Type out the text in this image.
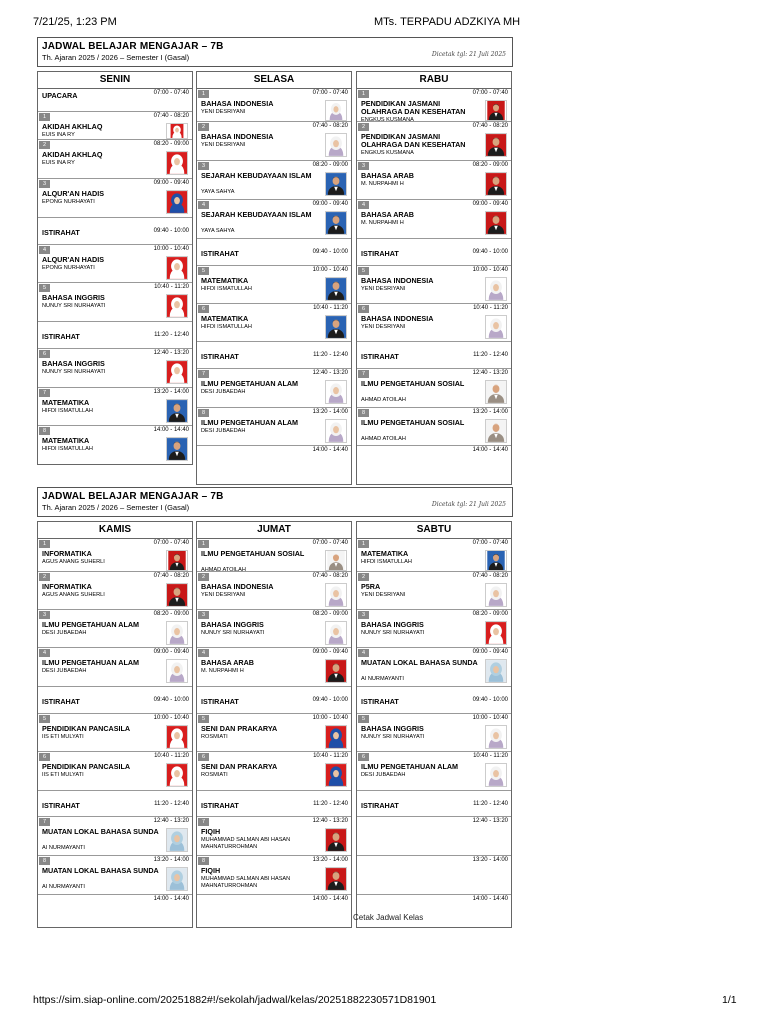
7/21/25, 1:23 PM	MTs. TERPADU ADZKIYA MH
JADWAL BELAJAR MENGAJAR – 7B
Th. Ajaran 2025 / 2026 – Semester I (Gasal)	Dicetak tgl: 21 Juli 2025
SENIN
07:00 - 07:40
UPACARA
1	07:40 - 08:20
AKIDAH AKHLAQ
EUIS INA RY
2	08:20 - 09:00
AKIDAH AKHLAQ
EUIS INA RY
3	09:00 - 09:40
ALQUR'AN HADIS
EPONG NURHAYATI
ISTIRAHAT	09:40 - 10:00
4	10:00 - 10:40
ALQUR'AN HADIS
EPONG NURHAYATI
5	10:40 - 11:20
BAHASA INGGRIS
NUNUY SRI NURHAYATI
ISTIRAHAT	11:20 - 12:40
6	12:40 - 13:20
BAHASA INGGRIS
NUNUY SRI NURHAYATI
7	13:20 - 14:00
MATEMATIKA
HIFDI ISMATULLAH
8	14:00 - 14:40
MATEMATIKA
HIFDI ISMATULLAH
SELASA
1	07:00 - 07:40
BAHASA INDONESIA
YENI DESRIYANI
2	07:40 - 08:20
BAHASA INDONESIA
YENI DESRIYANI
3	08:20 - 09:00
SEJARAH KEBUDAYAAN ISLAM
YAYA SAHYA
4	09:00 - 09:40
SEJARAH KEBUDAYAAN ISLAM
YAYA SAHYA
ISTIRAHAT	09:40 - 10:00
5	10:00 - 10:40
MATEMATIKA
HIFDI ISMATULLAH
6	10:40 - 11:20
MATEMATIKA
HIFDI ISMATULLAH
ISTIRAHAT	11:20 - 12:40
7	12:40 - 13:20
ILMU PENGETAHUAN ALAM
DESI JUBAEDAH
8	13:20 - 14:00
ILMU PENGETAHUAN ALAM
DESI JUBAEDAH
14:00 - 14:40
RABU
1	07:00 - 07:40
PENDIDIKAN JASMANI OLAHRAGA DAN KESEHATAN
ENGKUS KUSMANA
2	07:40 - 08:20
PENDIDIKAN JASMANI OLAHRAGA DAN KESEHATAN
ENGKUS KUSMANA
3	08:20 - 09:00
BAHASA ARAB
M. NURPAHMI H
4	09:00 - 09:40
BAHASA ARAB
M. NURPAHMI H
ISTIRAHAT	09:40 - 10:00
5	10:00 - 10:40
BAHASA INDONESIA
YENI DESRIYANI
6	10:40 - 11:20
BAHASA INDONESIA
YENI DESRIYANI
ISTIRAHAT	11:20 - 12:40
7	12:40 - 13:20
ILMU PENGETAHUAN SOSIAL
AHMAD ATOILAH
8	13:20 - 14:00
ILMU PENGETAHUAN SOSIAL
AHMAD ATOILAH
14:00 - 14:40
JADWAL BELAJAR MENGAJAR – 7B
Th. Ajaran 2025 / 2026 – Semester I (Gasal)	Dicetak tgl: 21 Juli 2025
KAMIS
1	07:00 - 07:40
INFORMATIKA
AGUS ANANG SUHERLI
2	07:40 - 08:20
INFORMATIKA
AGUS ANANG SUHERLI
3	08:20 - 09:00
ILMU PENGETAHUAN ALAM
DESI JUBAEDAH
4	09:00 - 09:40
ILMU PENGETAHUAN ALAM
DESI JUBAEDAH
ISTIRAHAT	09:40 - 10:00
5	10:00 - 10:40
PENDIDIKAN PANCASILA
IIS ETI MULYATI
6	10:40 - 11:20
PENDIDIKAN PANCASILA
IIS ETI MULYATI
ISTIRAHAT	11:20 - 12:40
7	12:40 - 13:20
MUATAN LOKAL BAHASA SUNDA
AI NURMAYANTI
8	13:20 - 14:00
MUATAN LOKAL BAHASA SUNDA
AI NURMAYANTI
14:00 - 14:40
JUMAT
1	07:00 - 07:40
ILMU PENGETAHUAN SOSIAL
AHMAD ATOILAH
2	07:40 - 08:20
BAHASA INDONESIA
YENI DESRIYANI
3	08:20 - 09:00
BAHASA INGGRIS
NUNUY SRI NURHAYATI
4	09:00 - 09:40
BAHASA ARAB
M. NURPAHMI H
ISTIRAHAT	09:40 - 10:00
5	10:00 - 10:40
SENI DAN PRAKARYA
ROSMIATI
6	10:40 - 11:20
SENI DAN PRAKARYA
ROSMIATI
ISTIRAHAT	11:20 - 12:40
7	12:40 - 13:20
FIQIH
MUHAMMAD SALMAN ABI HASAN MAHNATURROHMAN
8	13:20 - 14:00
FIQIH
MUHAMMAD SALMAN ABI HASAN MAHNATURROHMAN
14:00 - 14:40
SABTU
1	07:00 - 07:40
MATEMATIKA
HIFDI ISMATULLAH
2	07:40 - 08:20
P5RA
YENI DESRIYANI
3	08:20 - 09:00
BAHASA INGGRIS
NUNUY SRI NURHAYATI
4	09:00 - 09:40
MUATAN LOKAL BAHASA SUNDA
AI NURMAYANTI
ISTIRAHAT	09:40 - 10:00
5	10:00 - 10:40
BAHASA INGGRIS
NUNUY SRI NURHAYATI
6	10:40 - 11:20
ILMU PENGETAHUAN ALAM
DESI JUBAEDAH
ISTIRAHAT	11:20 - 12:40
12:40 - 13:20
13:20 - 14:00
14:00 - 14:40
Cetak Jadwal Kelas
https://sim.siap-online.com/20251882#!/sekolah/jadwal/kelas/20251882230571D81901	1/1
